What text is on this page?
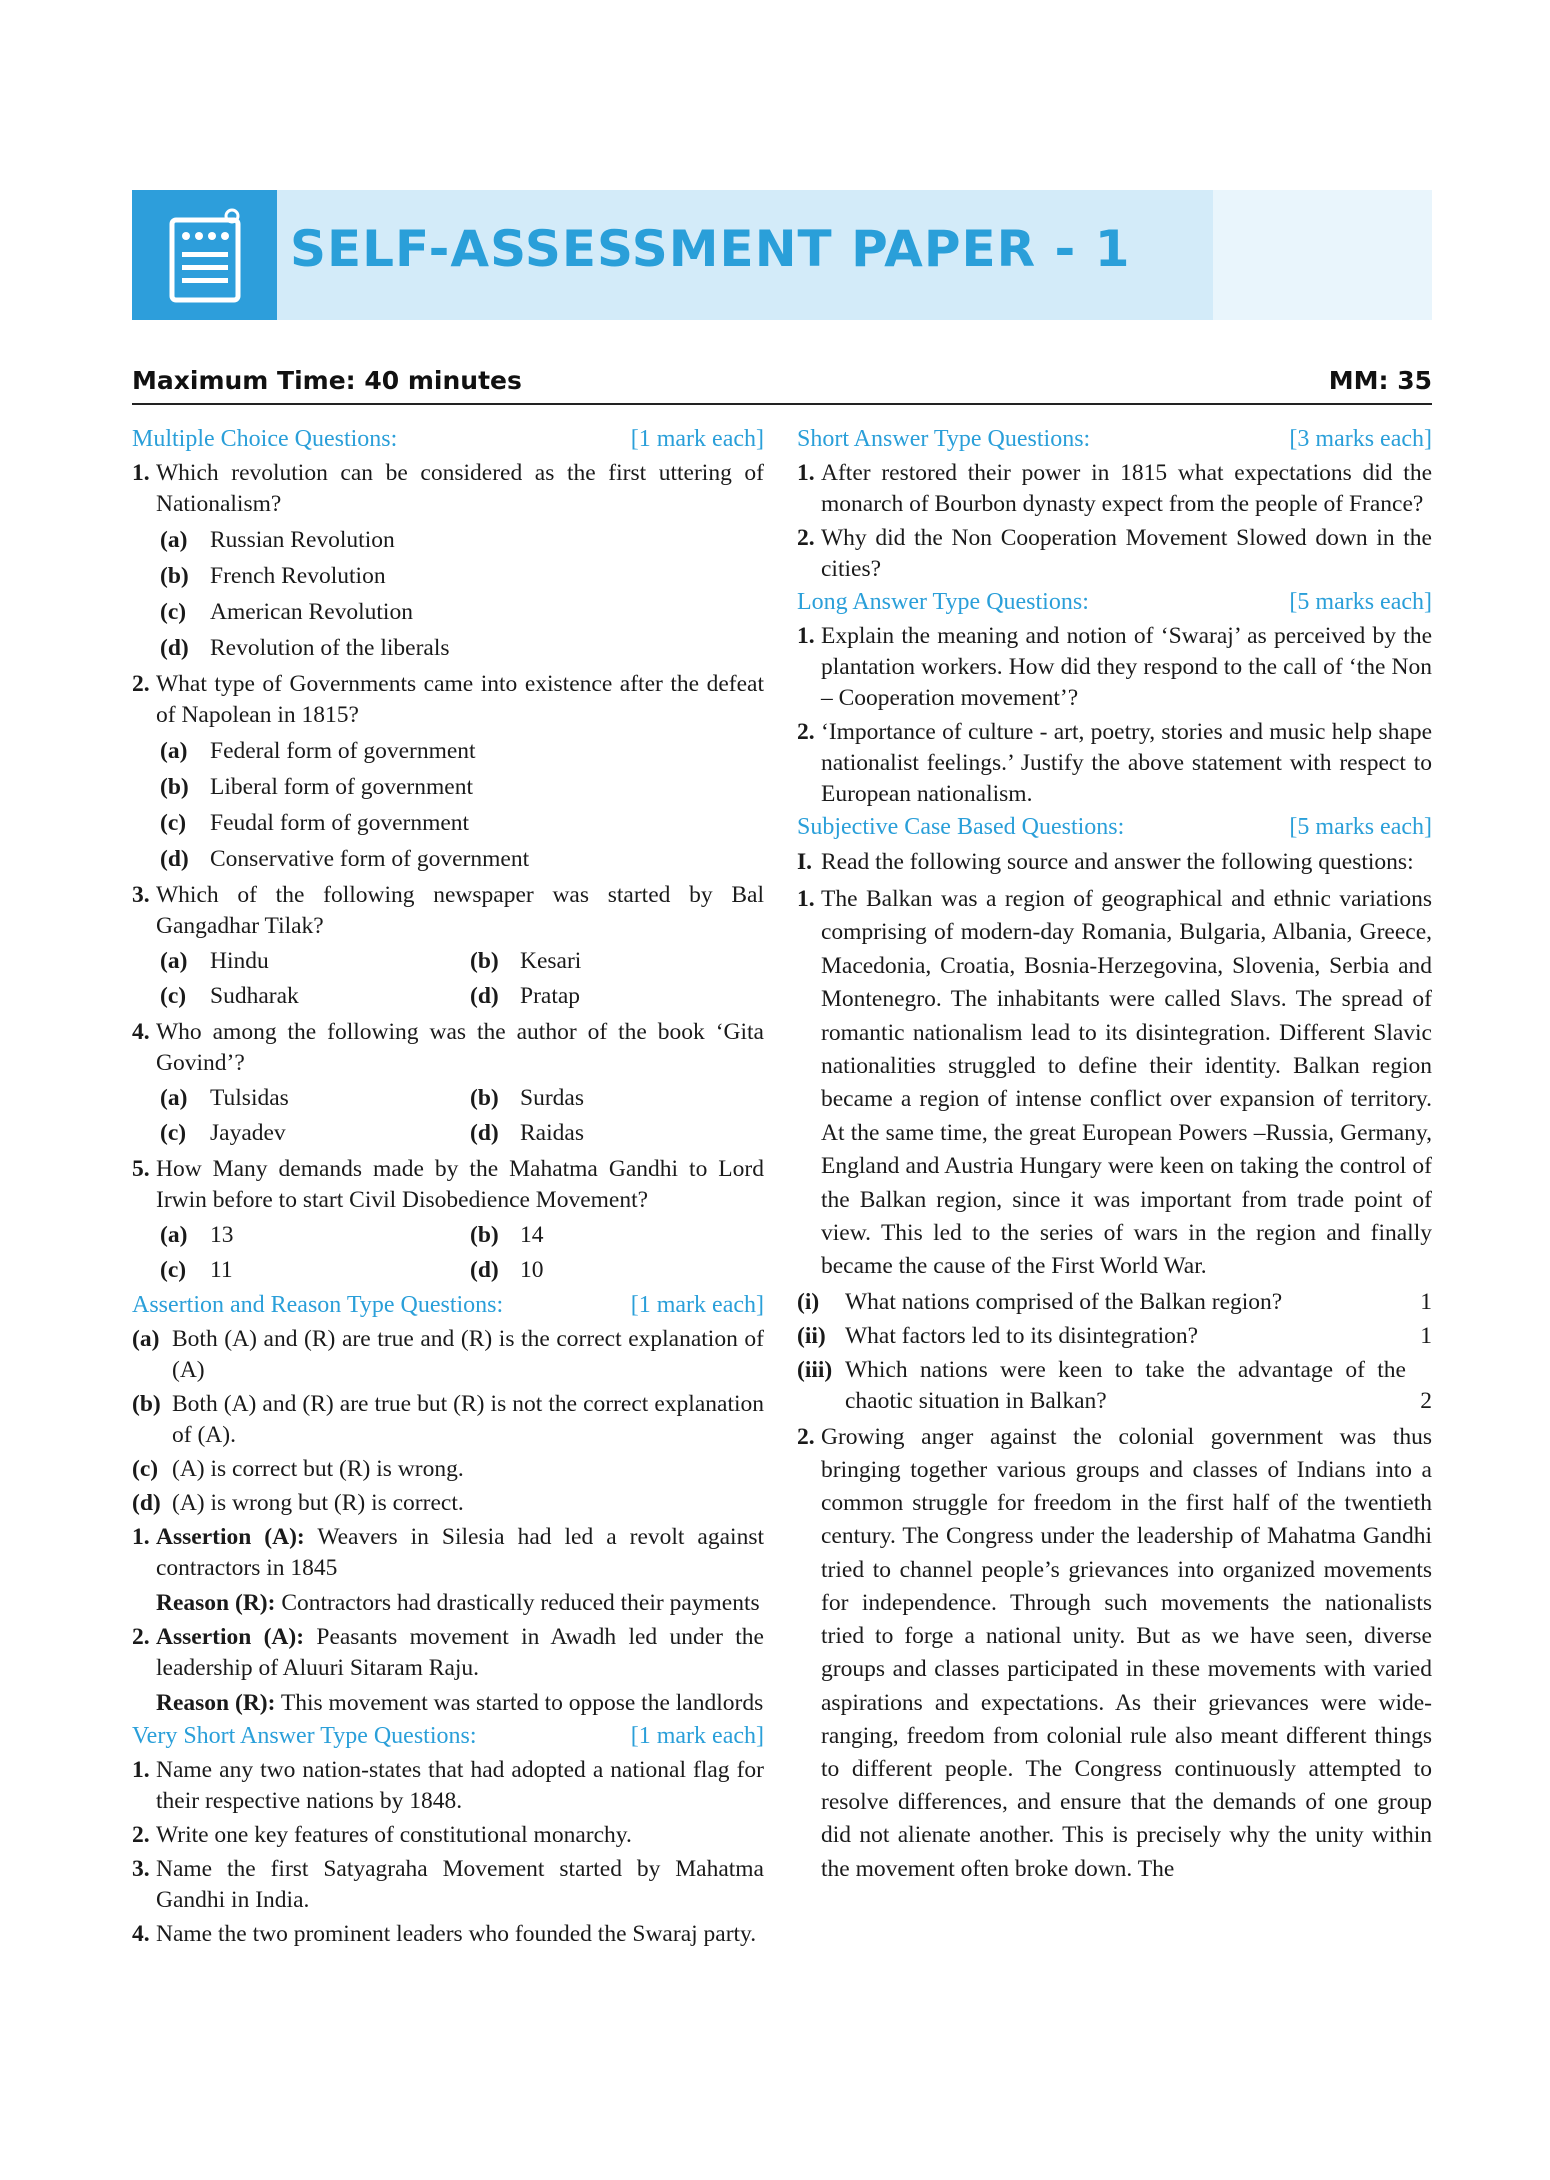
SELF-ASSESSMENT PAPER - 1
Maximum Time: 40 minutes	MM: 35
Multiple Choice Questions:	[1 mark each]
1. Which revolution can be considered as the first uttering of Nationalism?
(a) Russian Revolution
(b) French Revolution
(c)	American Revolution
(d) Revolution of the liberals
2. What type of Governments came into existence after the defeat of Napolean in 1815?
(a) Federal form of government
(b) Liberal form of government
(c)	Feudal form of government
(d) Conservative form of government
3. Which of the following newspaper was started by Bal Gangadhar Tilak?
(a) Hindu	(b) Kesari
(c)	Sudharak	(d) Pratap
4. Who among the following was the author of the book ‘Gita Govind’?
(a) Tulsidas	(b) Surdas
(c)	Jayadev	(d) Raidas
5. How Many demands made by the Mahatma Gandhi to Lord Irwin before to start Civil Disobedience Movement?
(a) 13	(b) 14
(c)	11	(d) 10
Assertion and Reason Type Questions:	[1 mark each]
(a) Both (A) and (R) are true and (R) is the correct explanation of (A)
(b) Both (A) and (R) are true but (R) is not the correct explanation of (A).
(c) (A) is correct but (R) is wrong.
(d) (A) is wrong but (R) is correct.
1. Assertion (A): Weavers in Silesia had led a revolt against contractors in 1845
Reason (R): Contractors had drastically reduced their payments
2. Assertion (A): Peasants movement in Awadh led under the leadership of Aluuri Sitaram Raju.
Reason (R): This movement was started to oppose the landlords
Very Short Answer Type Questions:	[1 mark each]
1. Name any two nation-states that had adopted a national flag for their respective nations by 1848.
2. Write one key features of constitutional monarchy.
3. Name the first Satyagraha Movement started by Mahatma Gandhi in India.
4. Name the two prominent leaders who founded the Swaraj party.
Short Answer Type Questions:	[3 marks each]
1. After restored their power in 1815 what expectations did the monarch of Bourbon dynasty expect from the people of France?
2. Why did the Non Cooperation Movement Slowed down in the cities?
Long Answer Type Questions:	[5 marks each]
1. Explain the meaning and notion of ‘Swaraj’ as perceived by the plantation workers. How did they respond to the call of ‘the Non – Cooperation movement’?
2. ‘Importance of culture - art, poetry, stories and music help shape nationalist feelings.’ Justify the above statement with respect to European nationalism.
Subjective Case Based Questions:	[5 marks each]
I. Read the following source and answer the following questions:
1. The Balkan was a region of geographical and ethnic variations comprising of modern-day Romania, Bulgaria, Albania, Greece, Macedonia, Croatia, Bosnia-Herzegovina, Slovenia, Serbia and Montenegro. The inhabitants were called Slavs. The spread of romantic nationalism lead to its disintegration. Different Slavic nationalities struggled to define their identity. Balkan region became a region of intense conflict over expansion of territory. At the same time, the great European Powers –Russia, Germany, England and Austria Hungary were keen on taking the control of the Balkan region, since it was important from trade point of view. This led to the series of wars in the region and finally became the cause of the First World War.
(i) What nations comprised of the Balkan region?	1
(ii) What factors led to its disintegration?	1
(iii) Which nations were keen to take the advantage of the chaotic situation in Balkan?	2
2. Growing anger against the colonial government was thus bringing together various groups and classes of Indians into a common struggle for freedom in the first half of the twentieth century. The Congress under the leadership of Mahatma Gandhi tried to channel people’s grievances into organized movements for independence. Through such movements the nationalists tried to forge a national unity. But as we have seen, diverse groups and classes participated in these movements with varied aspirations and expectations. As their grievances were wide-ranging, freedom from colonial rule also meant different things to different people. The Congress continuously attempted to resolve differences, and ensure that the demands of one group did not alienate another. This is precisely why the unity within the movement often broke down. The
